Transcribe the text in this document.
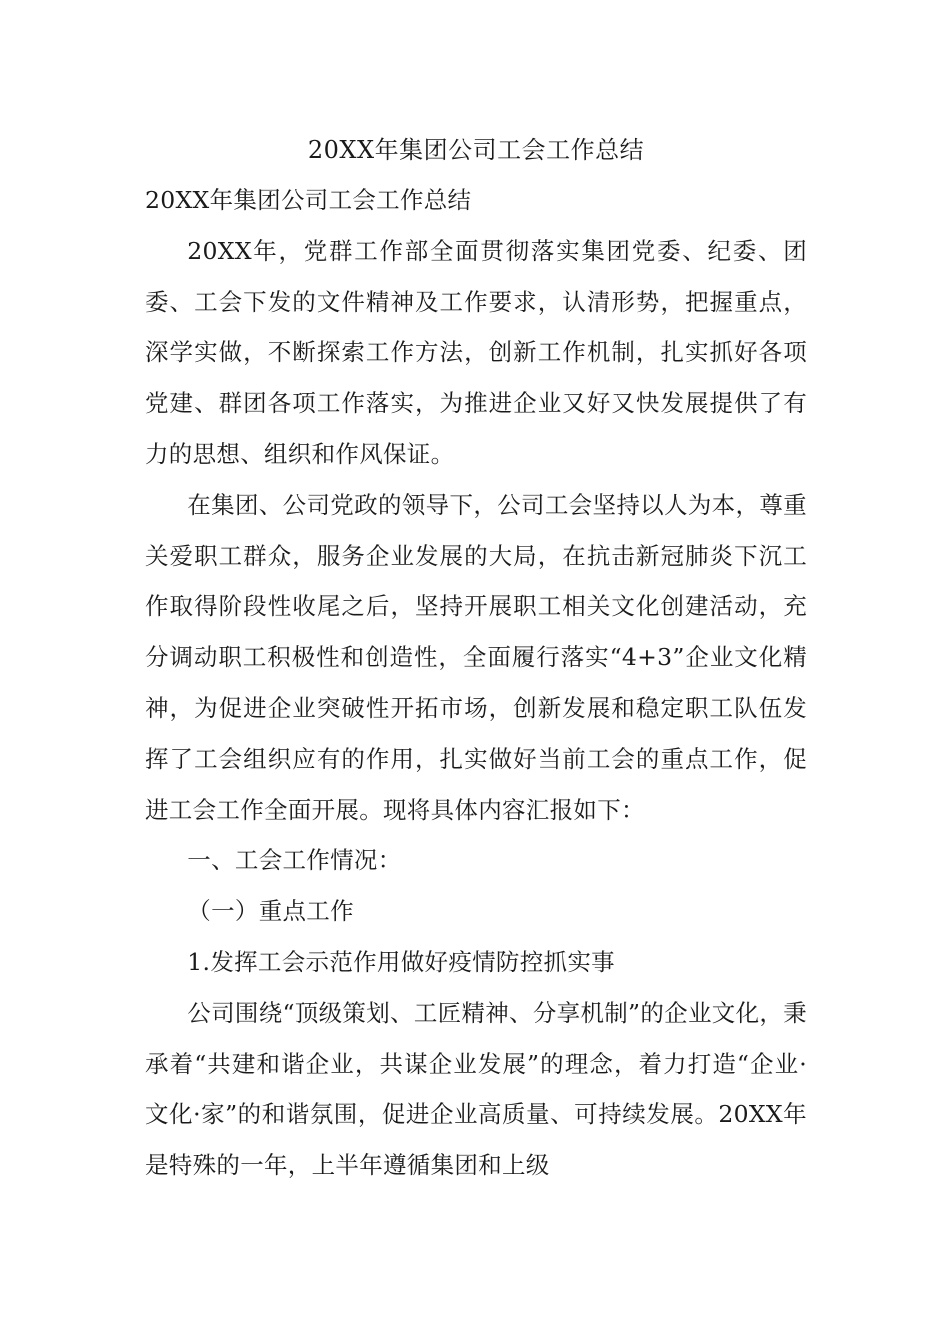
20XX年集团公司工会工作总结

20XX年集团公司工会工作总结

20XX年，党群工作部全面贯彻落实集团党委、纪委、团委、工会下发的文件精神及工作要求，认清形势，把握重点，深学实做，不断探索工作方法，创新工作机制，扎实抓好各项党建、群团各项工作落实，为推进企业又好又快发展提供了有力的思想、组织和作风保证。

在集团、公司党政的领导下，公司工会坚持以人为本，尊重关爱职工群众，服务企业发展的大局，在抗击新冠肺炎下沉工作取得阶段性收尾之后，坚持开展职工相关文化创建活动，充分调动职工积极性和创造性，全面履行落实“4+3”企业文化精神，为促进企业突破性开拓市场，创新发展和稳定职工队伍发挥了工会组织应有的作用，扎实做好当前工会的重点工作，促进工会工作全面开展。现将具体内容汇报如下：

一、工会工作情况：

（一）重点工作

1.发挥工会示范作用做好疫情防控抓实事

公司围绕“顶级策划、工匠精神、分享机制”的企业文化，秉承着“共建和谐企业，共谋企业发展”的理念，着力打造“企业·文化·家”的和谐氛围，促进企业高质量、可持续发展。20XX年是特殊的一年，上半年遵循集团和上级
